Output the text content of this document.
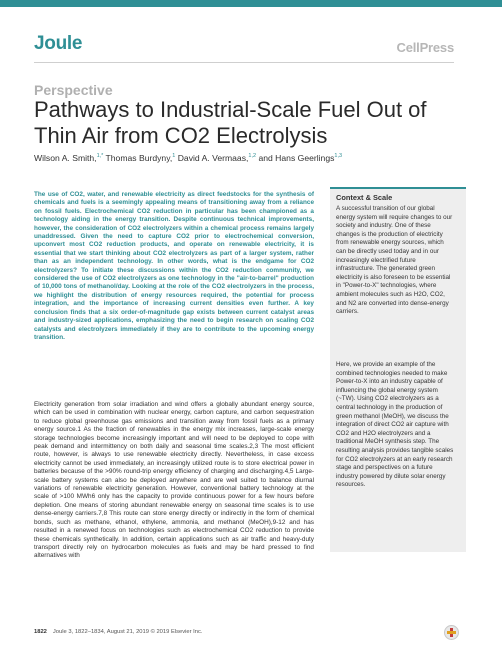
Joule	CellPress
Perspective
Pathways to Industrial-Scale Fuel Out of Thin Air from CO2 Electrolysis
Wilson A. Smith,$^{1,*}$ Thomas Burdyny,$^1$ David A. Vermaas,$^{1,2}$ and Hans Geerlings$^{1,3}$

The use of CO2, water, and renewable electricity as direct feedstocks for the synthesis of chemicals and fuels is a seemingly appealing means of transitioning away from a reliance on fossil fuels. Electrochemical CO2 reduction in particular has been championed as a technology aiding in the energy transition. Despite continuous technical improvements, however, the consideration of CO2 electrolyzers within a chemical process remains largely unaddressed. Given the need to capture CO2 prior to electrochemical conversion, upconvert most CO2 reduction products, and operate on renewable electricity, it is essential that we start thinking about CO2 electrolyzers as part of a larger system, rather than as an independent technology. In other words, what is the endgame for CO2 electrolyzers? To initiate these discussions within the CO2 reduction community, we considered the use of CO2 electrolyzers as one technology in the "air-to-barrel" production of 10,000 tons of methanol/day. Looking at the role of the CO2 electrolyzers in the process, we highlight the distribution of energy resources required, the potential for process integration, and the importance of increasing current densities even further. A key conclusion finds that a six order-of-magnitude gap exists between current catalyst areas and industry-sized applications, emphasizing the need to begin research on scaling CO2 catalysts and electrolyzers immediately if they are to contribute to the upcoming energy transition.

Electricity generation from solar irradiation and wind offers a globally abundant energy source, which can be used in combination with nuclear energy, carbon capture, and carbon sequestration to reduce global greenhouse gas emissions and transition away from fossil fuels as a primary energy source.1 As the fraction of renewables in the energy mix increases, large-scale energy storage technologies become increasingly important and will need to be deployed to cope with peak demand and intermittency on both daily and seasonal time scales.2,3 The most efficient route, however, is always to use renewable electricity directly. Nevertheless, in case excess electricity cannot be used immediately, an increasingly utilized route is to store electrical power in batteries because of the >90% round-trip energy efficiency of charging and discharging.4,5 Large-scale battery systems can also be deployed anywhere and are well suited to balance diurnal variations of renewable electricity generation. However, conventional battery technology at the scale of >100 MWh6 only has the capacity to provide continuous power for a few hours before depletion. One means of storing abundant renewable energy on seasonal time scales is to use dense-energy carriers.7,8 This route can store energy directly or indirectly in the form of chemical bonds, such as methane, ethanol, ethylene, ammonia, and methanol (MeOH),9-12 and has resulted in a renewed focus on technologies such as electrochemical CO2 reduction to provide these chemicals synthetically. In addition, certain applications such as air traffic and heavy-duty transport directly rely on hydrocarbon molecules as fuels and may be hard pressed to find alternatives with

Context & Scale

A successful transition of our global energy system will require changes to our society and industry. One of these changes is the production of electricity from renewable energy sources, which can be directly used today and in our increasingly electrified future infrastructure. The generated green electricity is also foreseen to be essential in "Power-to-X" technologies, where ambient molecules such as H2O, CO2, and N2 are converted into dense-energy carriers.

Here, we provide an example of the combined technologies needed to make Power-to-X into an industry capable of influencing the global energy system (~TW). Using CO2 electrolyzers as a central technology in the production of green methanol (MeOH), we discuss the integration of direct CO2 air capture with CO2 and H2O electrolyzers and a traditional MeOH synthesis step. The resulting analysis provides tangible scales for CO2 electrolyzers at an early research stage and perspectives on a future industry powered by dilute solar energy resources.

1822 Joule 3, 1822–1834, August 21, 2019 © 2019 Elsevier Inc.
